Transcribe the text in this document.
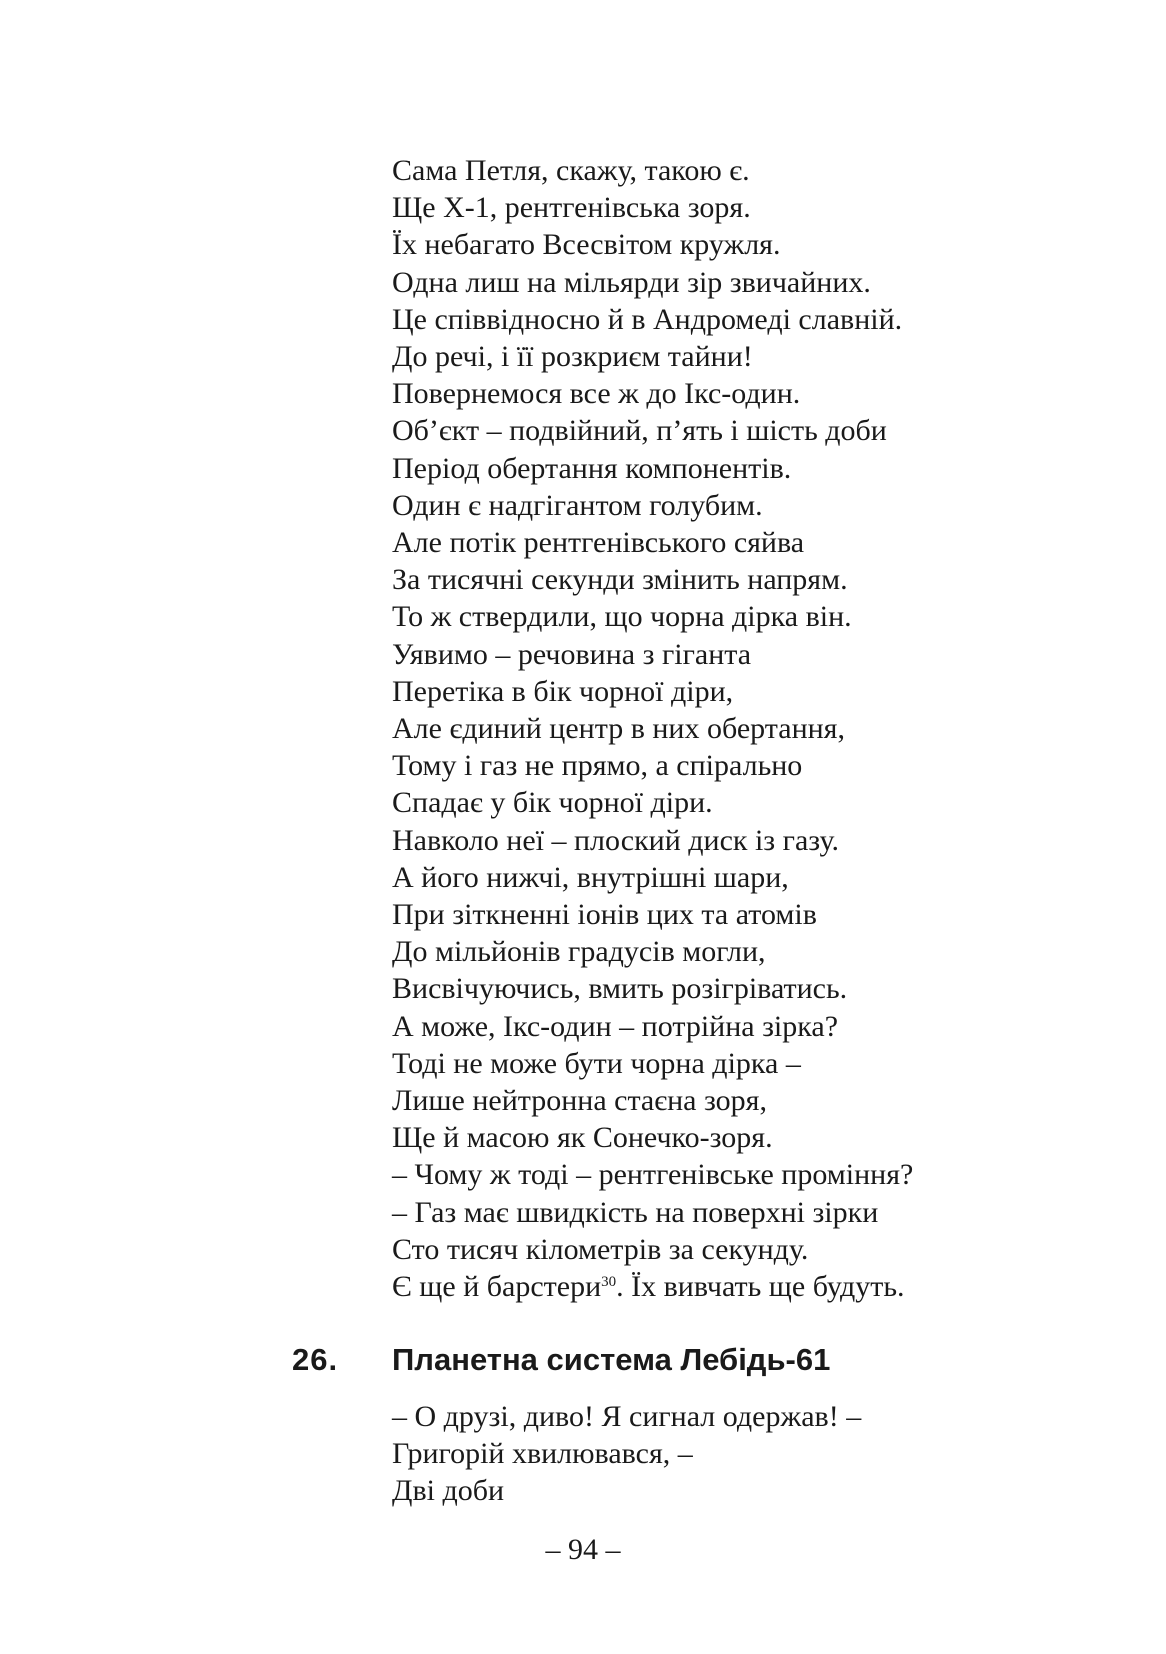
Сама Петля, скажу, такою є.
Ще Х-1, рентгенівська зоря.
Їх небагато Всесвітом кружля.
Одна лиш на мільярди зір звичайних.
Це співвідносно й в Андромеді славній.
До речі, і її розкриєм тайни!
Повернемося все ж до Ікс-один.
Об’єкт – подвійний, п’ять і шість доби
Період обертання компонентів.
Один є надгігантом голубим.
Але потік рентгенівського сяйва
За тисячні секунди змінить напрям.
То ж ствердили, що чорна дірка він.
Уявимо – речовина з гіганта
Перетіка в бік чорної діри,
Але єдиний центр в них обертання,
Тому і газ не прямо, а спірально
Спадає у бік чорної діри.
Навколо неї – плоский диск із газу.
А його нижчі, внутрішні шари,
При зіткненні іонів цих та атомів
До мільйонів градусів могли,
Висвічуючись, вмить розігріватись.
А може, Ікс-один – потрійна зірка?
Тоді не може бути чорна дірка –
Лише нейтронна стаєна зоря,
Ще й масою як Сонечко-зоря.
– Чому ж тоді – рентгенівське проміння?
– Газ має швидкість на поверхні зірки
Сто тисяч кілометрів за секунду.
Є ще й барстери$^{30}$. Їх вивчать ще будуть.
26. Планетна система Лебідь-61
– О друзі, диво! Я сигнал одержав! –
Григорій хвилювався, –
Дві доби
– 94 –
